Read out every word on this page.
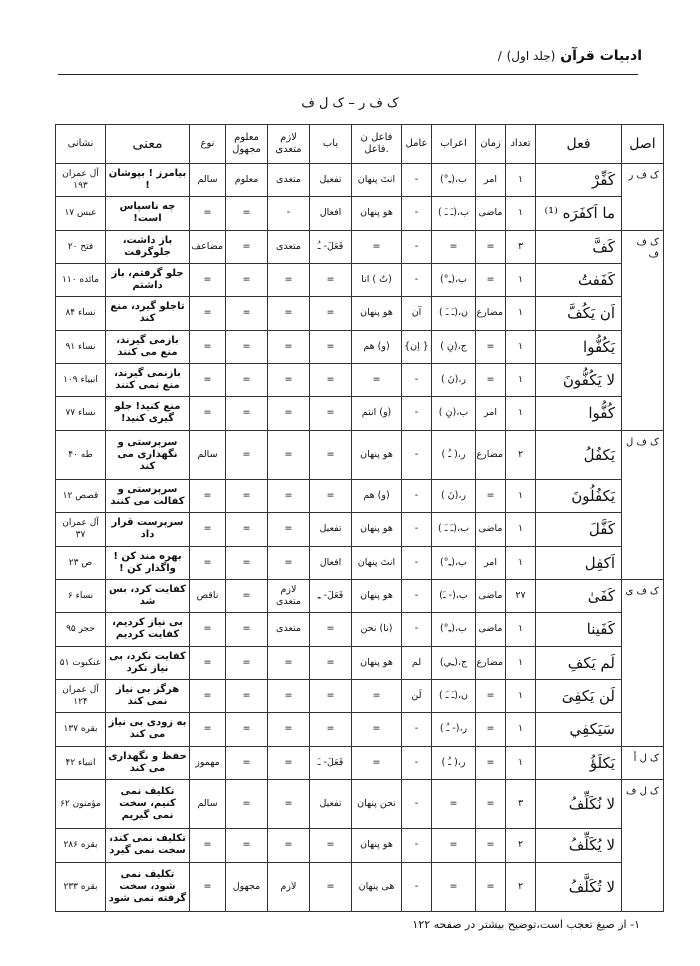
ادبیات قرآن (جلد اول) /
ک ف ر – ک ل ف
اصل	فعل	تعداد	زمان	اعراب	عامل	فاعل ن .فاعل	باب	لازم متعدی	معلوم مجهول	نوع	معنی	نشانی
ک ف ر	كَفِّرْ	١	امر	ب،(ـِ°)	-	انتَ پنهان	تفعیل	متعدی	معلوم	سالم	بیامرز ! بپوشان !	آل عمران ۱۹۳
	ما اَکفَرَه ⁽¹⁾	١	ماضی	ب،(ـَ ـَ )	-	هو پنهان	افعال	-	=	=	چه ناسپاس است!	عبس ۱۷
ک ف ف	كَفَّ	٣	=	=	-	=	فَعَلَ- ـُ	متعدی	=	مضاعف	باز داشت، جلوگرفت	فتح ۲۰
	كَفَفتُ	١	=	ب،(ـِ°)	-	(تُ ) انا	=	=	=	=	جلو گرفتم، باز داشتم	مائده ۱۱۰
	اَن یَکُفَّ	١	مضارع	ن،(ـَ ـَ )	آن	هو پنهان	=	=	=	=	تاجلو گیرد، منع کند	نساء ۸۴
	یَکُفُّوا	١	=	ج،(نِ )	{ اِن}	(و) هم	=	=	=	=	بازمی گیرند، منع می کنند	نساء ۹۱
	لا یَکُفُّونَ	١	=	ر،(نَ )	-	=	=	=	=	=	بازنمی گیرند، منع نمی کنند	انبیاء ۱۰۹
	كُفُّوا	١	امر	ب،(نِ )	-	(و) انتم	=	=	=	=	منع کنید! جلو گیری کنید!	نساء ۷۷
ک ف ل	یَكفُلُ	٢	مضارع	ر،( ـُ )	-	هو پنهان	=	=	=	سالم	سرپرستی و نگهداری می کند	طه ۴۰
	یَكفُلُونَ	١	=	ر،(نَ )	-	(و) هم	=	=	=	=	سرپرستی و كفالت می کنند	قصص ۱۲
	كَفَّلَ	١	ماضی	ب،(ـَ ـَ )	-	هو پنهان	تفعیل	=	=	=	سرپرست قرار داد	آل عمران ۳۷
	اَكفِل	١	امر	ب،(ـِ°)	-	انتَ پنهان	افعال	=	=	=	بهره مند کن ! واگذار کن !	ص ۲۳
ک ف ی	كَفَىٰ	۲۷	ماضی	ب،(- ـَ)	-	هو پنهان	فَعَلَ- ـِ	لازم متعدی	=	ناقص	کفایت کرد، بس شد	نساء ۶
	كَفَینا	١	ماضی	ب،(ـِ°)	-	(نا) نحن	=	متعدی	=	=	بی نیاز کردیم، کفایت کردیم	حجر ۹۵
	لَم یَكفِ	١	مضارع	ج،(ـِي)	لم	هو پنهان	=	=	=	=	کفایت نکرد، بی نیاز نکرد	عنکبوت ۵۱
	لَن یَكفِیَ	١	=	ن،(ـَ ـَ )	لَن	=	=	=	=	=	هرگز بی نیاز نمی کند	آل عمران ۱۲۴
	سَیَكفِي	١	=	ر،(- ـُ )	-	=	=	=	=	=	به زودی بی نیاز می کند	بقره ۱۳۷
ک ل أ	یَكلَؤُ	١	=	ر،( ـُ )	-	=	فَعَلَ- ـَ	=	=	مهموز	حفظ و نگهداری می کند	انبیاء ۴۲
ک ل ف	لا نُكَلِّفُ	٣	=	=	-	نحن پنهان	تفعیل	=	=	سالم	تكلیف نمی كنیم، سخت نمی گیریم	مؤمنون ۶۲
	لا یُكَلِّفُ	٢	=	=	-	هو پنهان	=	=	=	=	تكلیف نمی کند، سخت نمی گیرد	بقره ۲۸۶
	لا تُكَلَّفُ	٢	=	=	-	هی پنهان	=	لازم	مجهول	=	تكلیف نمی شود، سخت گرفته نمی شود	بقره ۲۳۳
١- از صیغ تعجب است،توضیح بیشتر در صفحه ١٢٢
